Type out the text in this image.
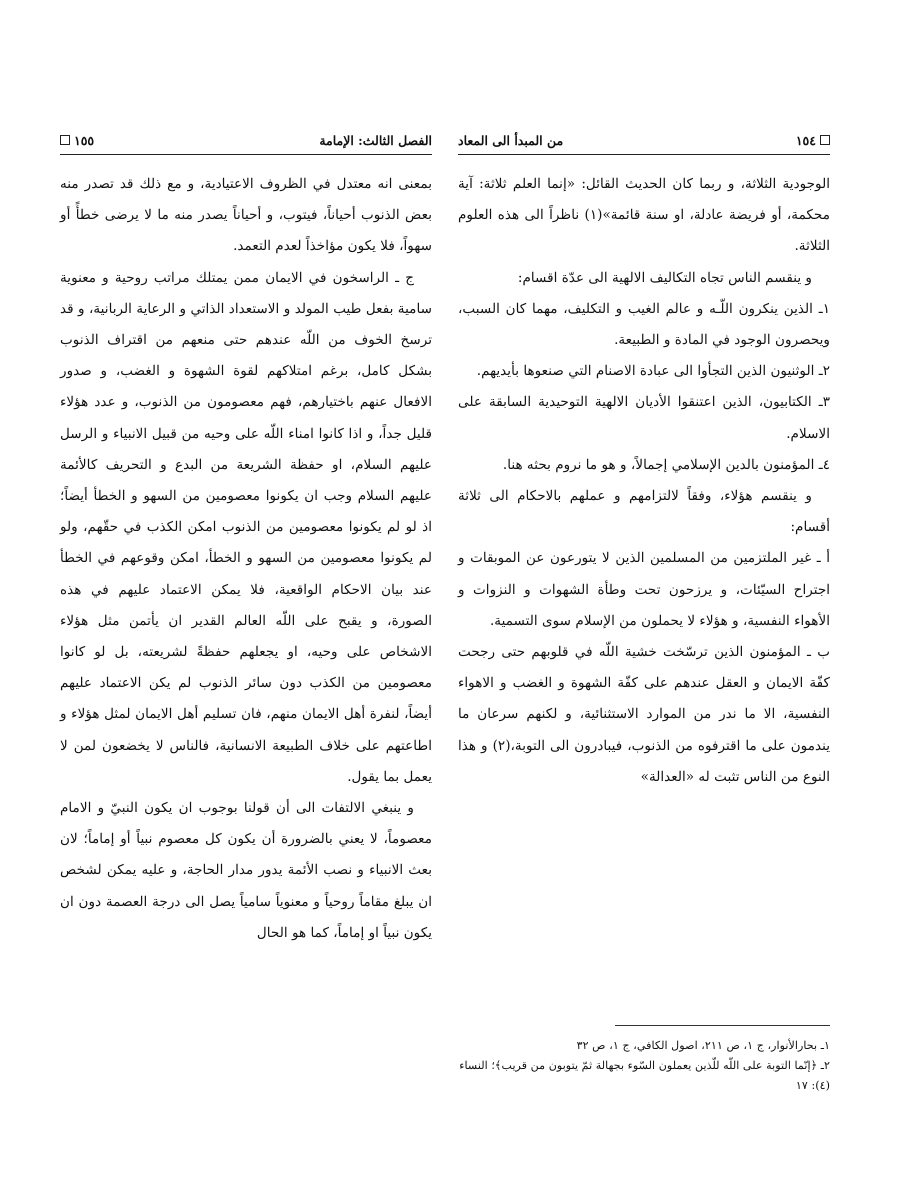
الفصل الثالث: الإمامة
١٥٥

بمعنى انه معتدل في الظروف الاعتيادية، و مع ذلك قد تصدر منه بعض الذنوب أحياناً، فيتوب، و أحياناً يصدر منه ما لا يرضى خطأً أو سهواً، فلا يكون مؤاخذاً لعدم التعمد.

ج ـ الراسخون في الايمان ممن يمتلك مراتب روحية و معنوية سامية بفعل طيب المولد و الاستعداد الذاتي و الرعاية الربانية، و قد ترسخ الخوف من اللّه عندهم حتى منعهم من اقتراف الذنوب بشكل كامل، برغم امتلاكهم لقوة الشهوة و الغضب، و صدور الافعال عنهم باختيارهم، فهم معصومون من الذنوب، و عدد هؤلاء قليل جداً، و اذا كانوا امناء اللّه على وحيه من قبيل الانبياء و الرسل عليهم السلام، او حفظة الشريعة من البدع و التحريف كالأئمة عليهم السلام وجب ان يكونوا معصومين من السهو و الخطأ أيضاً؛ اذ لو لم يكونوا معصومين من الذنوب امكن الكذب في حقّهم، ولو لم يكونوا معصومين من السهو و الخطأ، امكن وقوعهم في الخطأ عند بيان الاحكام الواقعية، فلا يمكن الاعتماد عليهم في هذه الصورة، و يقبح على اللّه العالم القدير ان يأتمن مثل هؤلاء الاشخاص على وحيه، او يجعلهم حفظةً لشريعته، بل لو كانوا معصومين من الكذب دون سائر الذنوب لم يكن الاعتماد عليهم أيضاً، لنفرة أهل الايمان منهم، فان تسليم أهل الايمان لمثل هؤلاء و اطاعتهم على خلاف الطبيعة الانسانية، فالناس لا يخضعون لمن لا يعمل بما يقول.

و ينبغي الالتفات الى أن قولنا بوجوب ان يكون النبيّ و الامام معصوماً، لا يعني بالضرورة أن يكون كل معصوم نبياً أو إماماً؛ لان بعث الانبياء و نصب الأئمة يدور مدار الحاجة، و عليه يمكن لشخص ان يبلغ مقاماً روحياً و معنوياً سامياً يصل الى درجة العصمة دون ان يكون نبياً او إماماً، كما هو الحال

١٥٤
من المبدأ الى المعاد

الوجودية الثلاثة، و ربما كان الحديث القائل: «إنما العلم ثلاثة: آية محكمة، أو فريضة عادلة، او سنة قائمة»(١) ناظراً الى هذه العلوم الثلاثة.

و ينقسم الناس تجاه التكاليف الالهية الى عدّة اقسام:

١ـ الذين ينكرون اللّـه و عالم الغيب و التكليف، مهما كان السبب، ويحصرون الوجود في المادة و الطبيعة.

٢ـ الوثنيون الذين التجأوا الى عبادة الاصنام التي صنعوها بأيديهم.

٣ـ الكتابيون، الذين اعتنقوا الأديان الالهية التوحيدية السابقة على الاسلام.

٤ـ المؤمنون بالدين الإسلامي إجمالاً، و هو ما نروم بحثه هنا.

و ينقسم هؤلاء، وفقاً لالتزامهم و عملهم بالاحكام الى ثلاثة أقسام:

أ ـ غير الملتزمين من المسلمين الذين لا يتورعون عن الموبقات و اجتراح السيّئات، و يرزحون تحت وطأة الشهوات و النزوات و الأهواء النفسية، و هؤلاء لا يحملون من الإسلام سوى التسمية.

ب ـ المؤمنون الذين ترسّخت خشية اللّه في قلوبهم حتى رجحت كفّة الايمان و العقل عندهم على كفّة الشهوة و الغضب و الاهواء النفسية، الا ما ندر من الموارد الاستثنائية، و لكنهم سرعان ما يندمون على ما اقترفوه من الذنوب، فيبادرون الى التوبة،(٢) و هذا النوع من الناس تثبت له «العدالة»

١ـ بحارالأنوار، ج ١، ص ٢١١، اصول الكافي، ج ١، ص ٣٢

٢ـ ﴿إنّما التوبة على اللّه للّذين يعملون السّوء بجهالة ثمّ يتوبون من قريب﴾؛ النساء (٤): ١٧
